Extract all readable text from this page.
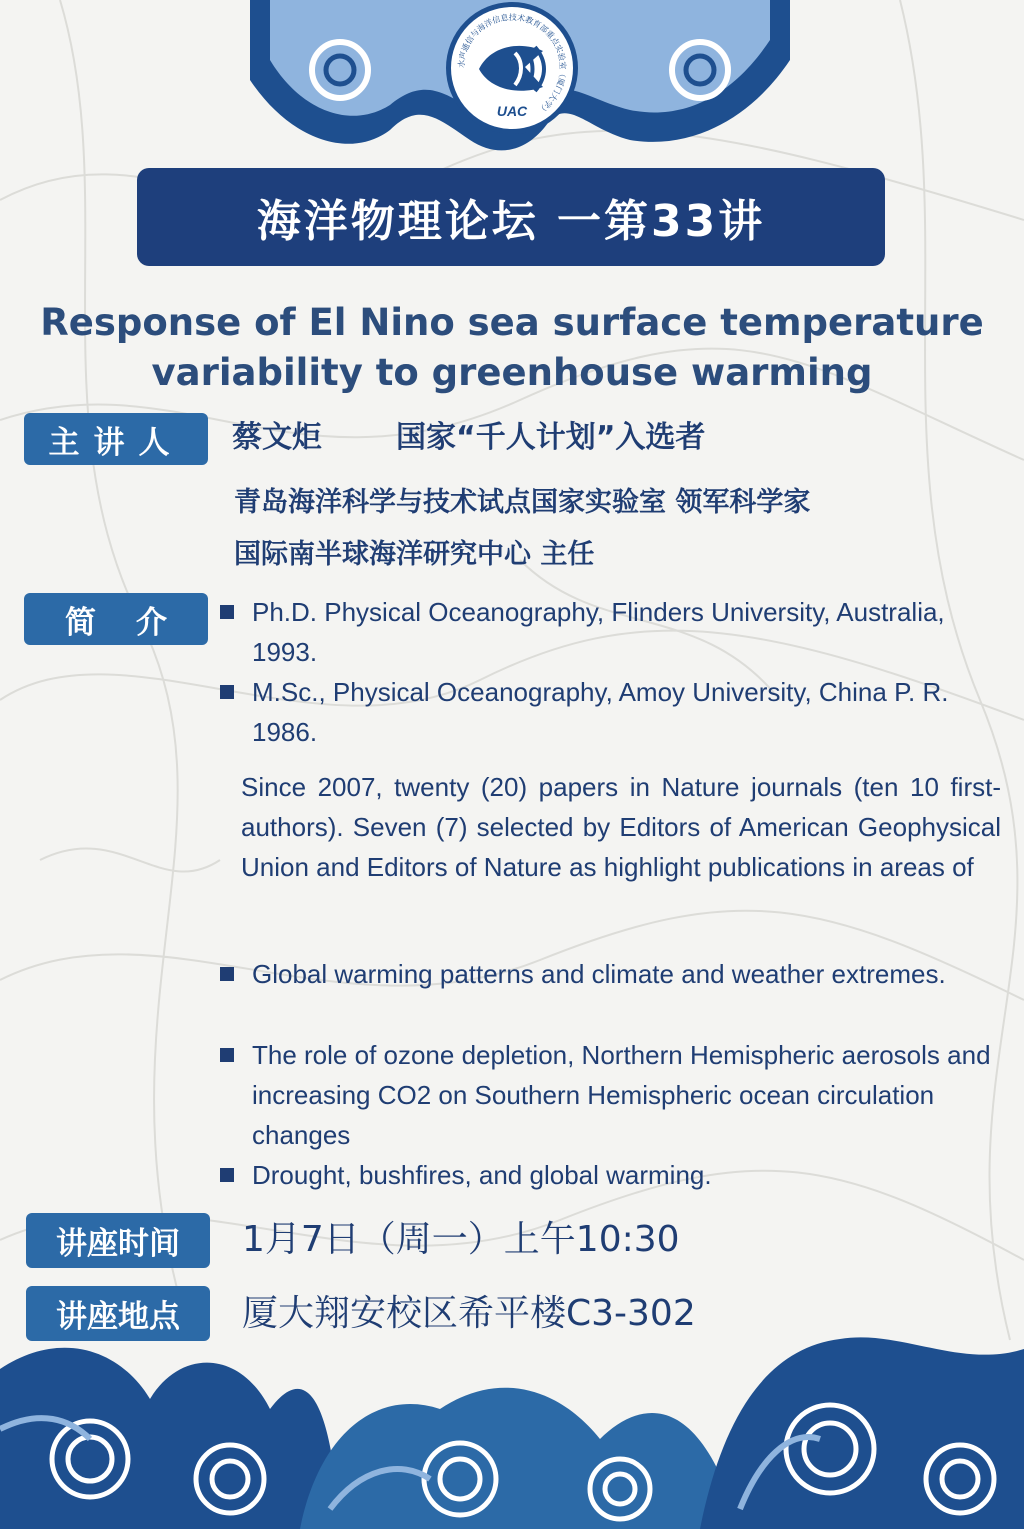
水声通信与海洋信息技术教育部重点实验室（厦门大学）
UAC
海洋物理论坛 一第33讲
Response of El Nino sea surface temperature
variability to greenhouse warming
主讲人	蔡文炬 国家“千人计划”入选者
青岛海洋科学与技术试点国家实验室 领军科学家
国际南半球海洋研究中心 主任
简介	Ph.D. Physical Oceanography, Flinders University, Australia, 1993.
M.Sc., Physical Oceanography, Amoy University, China P. R. 1986.
Since 2007, twenty (20) papers in Nature journals (ten 10 first-authors). Seven (7) selected by Editors of American Geophysical Union and Editors of Nature as highlight publications in areas of
Global warming patterns and climate and weather extremes.
The role of ozone depletion, Northern Hemispheric aerosols and increasing CO2 on Southern Hemispheric ocean circulation changes
Drought, bushfires, and global warming.
讲座时间	1月7日（周一）上午10:30
讲座地点	厦大翔安校区希平楼C3-302
